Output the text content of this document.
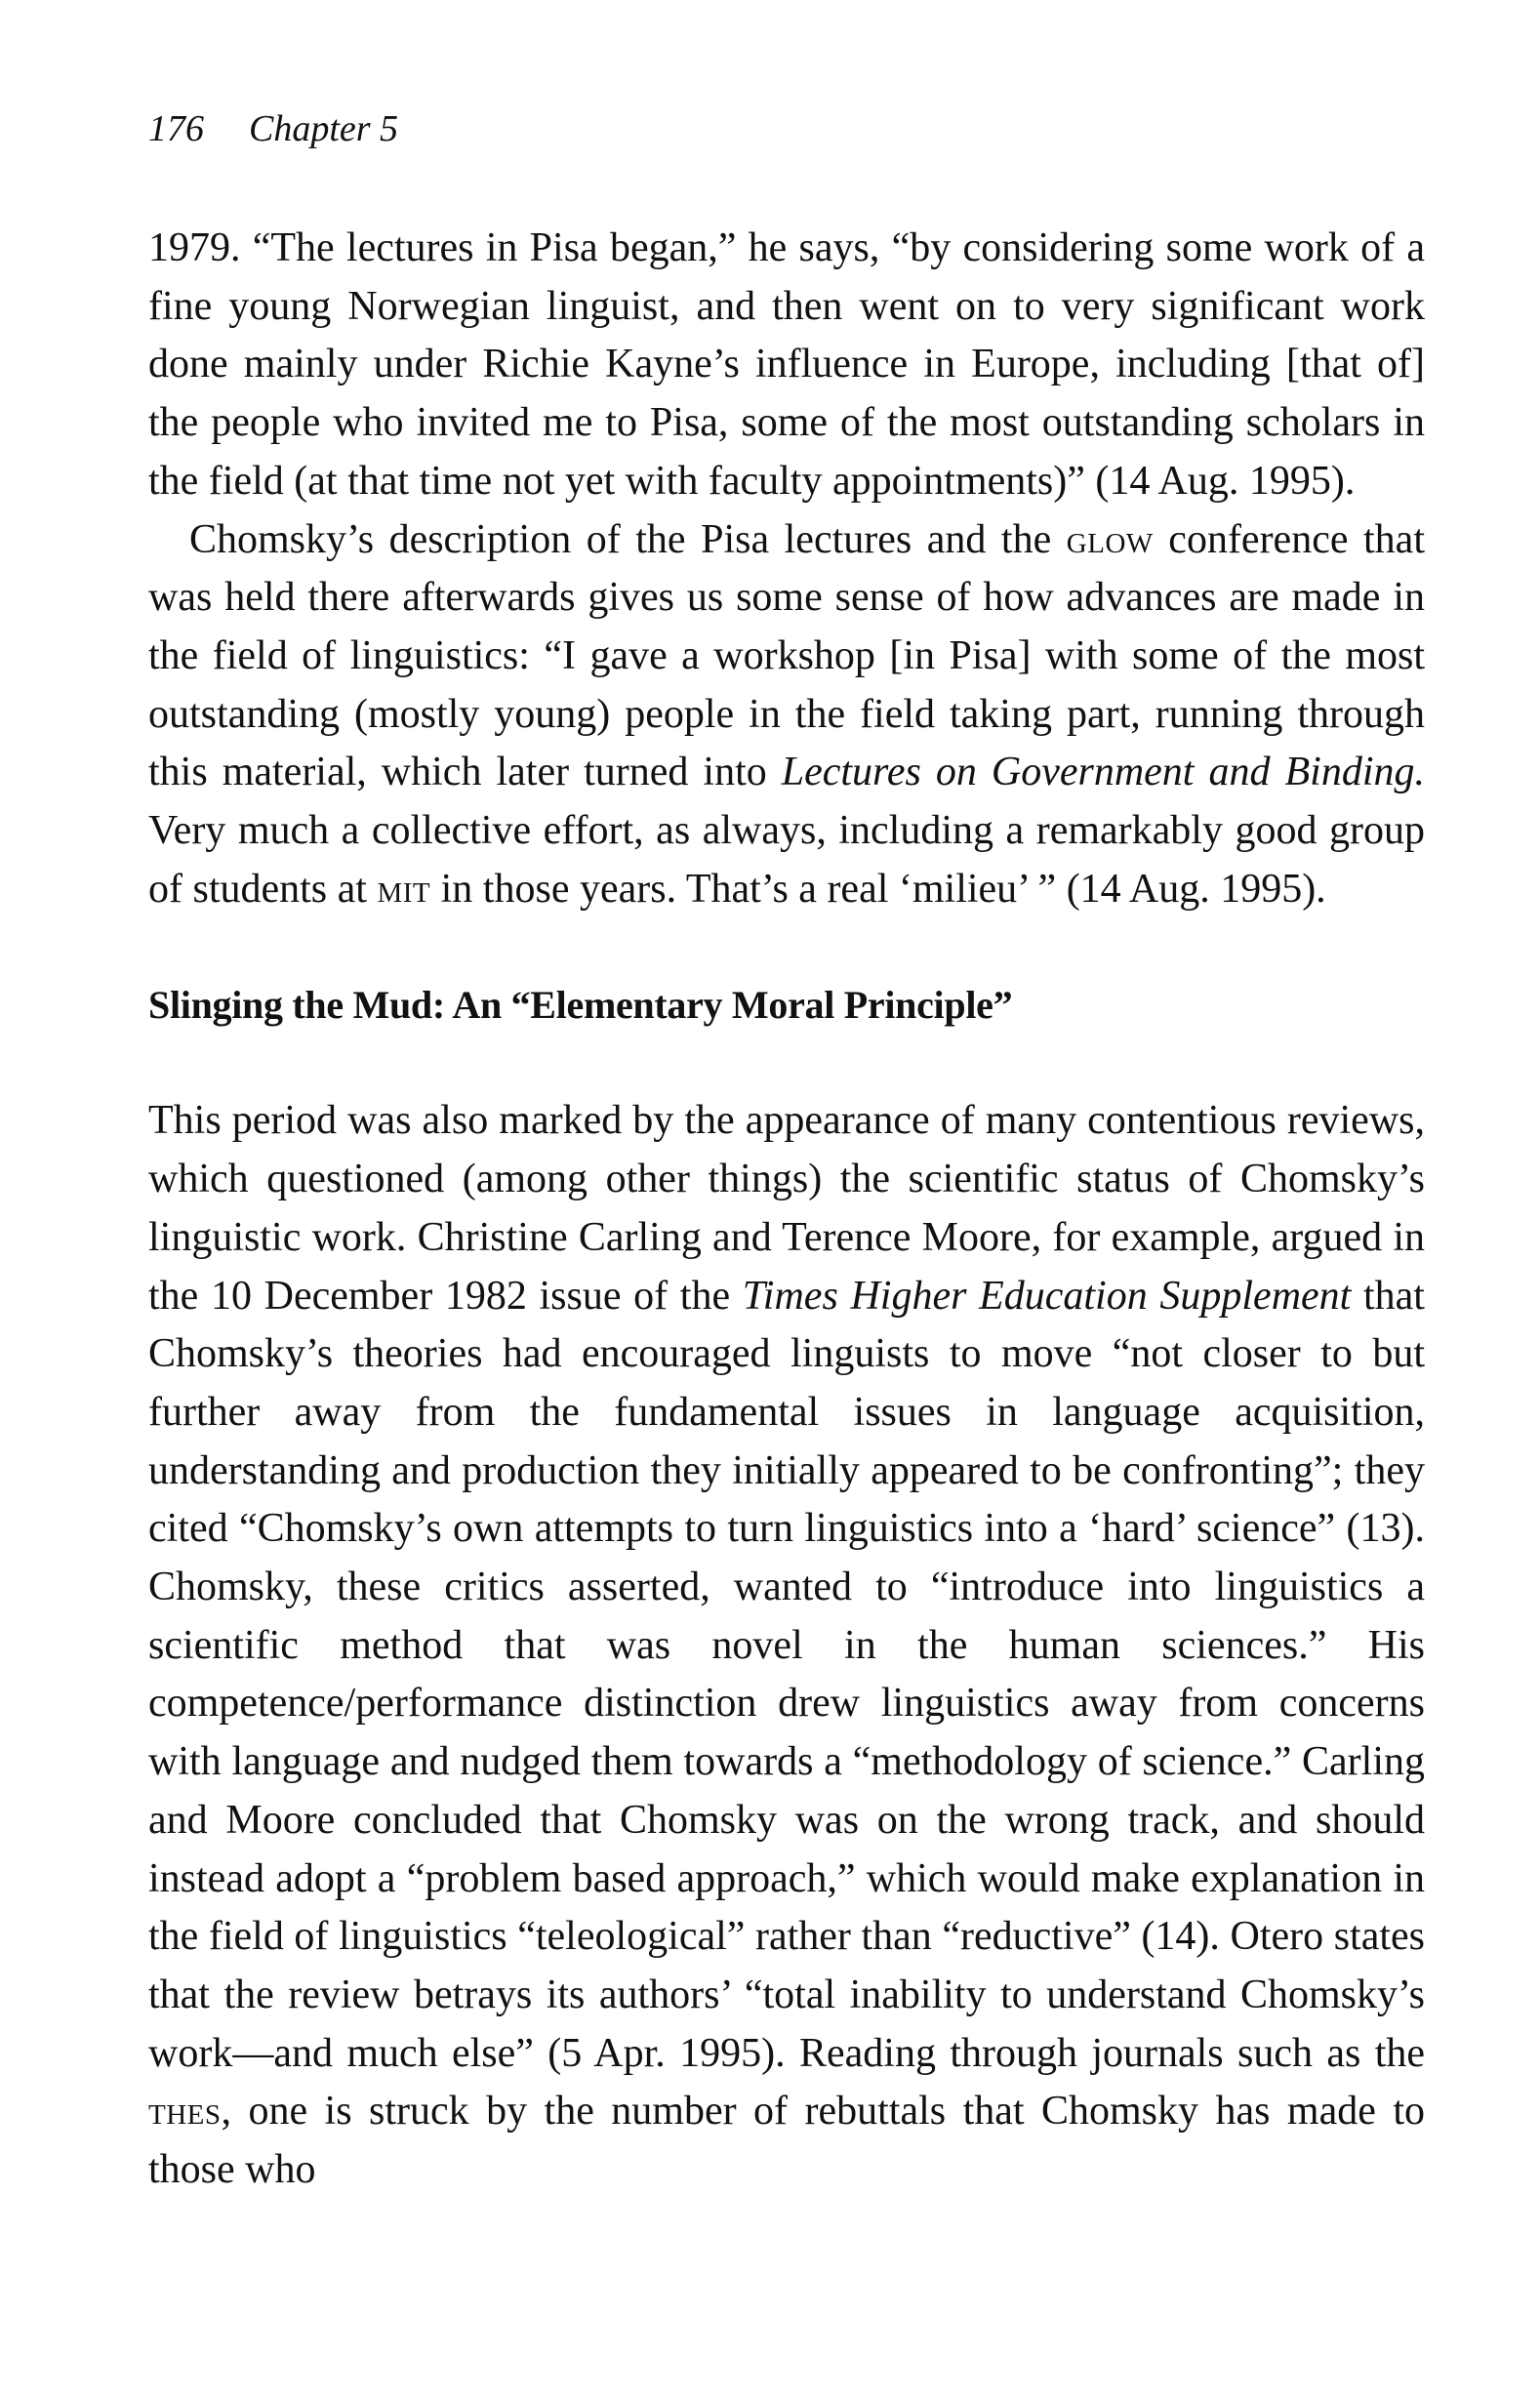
176 Chapter 5

1979. “The lectures in Pisa began,” he says, “by considering some work of a fine young Norwegian linguist, and then went on to very significant work done mainly under Richie Kayne’s influence in Europe, including [that of] the people who invited me to Pisa, some of the most outstanding scholars in the field (at that time not yet with faculty appointments)” (14 Aug. 1995).

Chomsky’s description of the Pisa lectures and the glow conference that was held there afterwards gives us some sense of how advances are made in the field of linguistics: “I gave a workshop [in Pisa] with some of the most outstanding (mostly young) people in the field taking part, running through this material, which later turned into Lectures on Government and Binding. Very much a collective effort, as always, including a remarkably good group of students at mit in those years. That’s a real ‘milieu’ ” (14 Aug. 1995).

Slinging the Mud: An “Elementary Moral Principle”

This period was also marked by the appearance of many contentious reviews, which questioned (among other things) the scientific status of Chomsky’s linguistic work. Christine Carling and Terence Moore, for example, argued in the 10 December 1982 issue of the Times Higher Education Supplement that Chomsky’s theories had encouraged linguists to move “not closer to but further away from the fundamental issues in language acquisition, understanding and production they initially appeared to be confronting”; they cited “Chomsky’s own attempts to turn linguistics into a ‘hard’ science” (13). Chomsky, these critics asserted, wanted to “introduce into linguistics a scientific method that was novel in the human sciences.” His competence/performance distinction drew linguistics away from concerns with language and nudged them towards a “methodology of science.” Carling and Moore concluded that Chomsky was on the wrong track, and should instead adopt a “problem based approach,” which would make explanation in the field of linguistics “teleological” rather than “reductive” (14). Otero states that the review betrays its authors’ “total inability to understand Chomsky’s work—and much else” (5 Apr. 1995). Reading through journals such as the thes, one is struck by the number of rebuttals that Chomsky has made to those who
